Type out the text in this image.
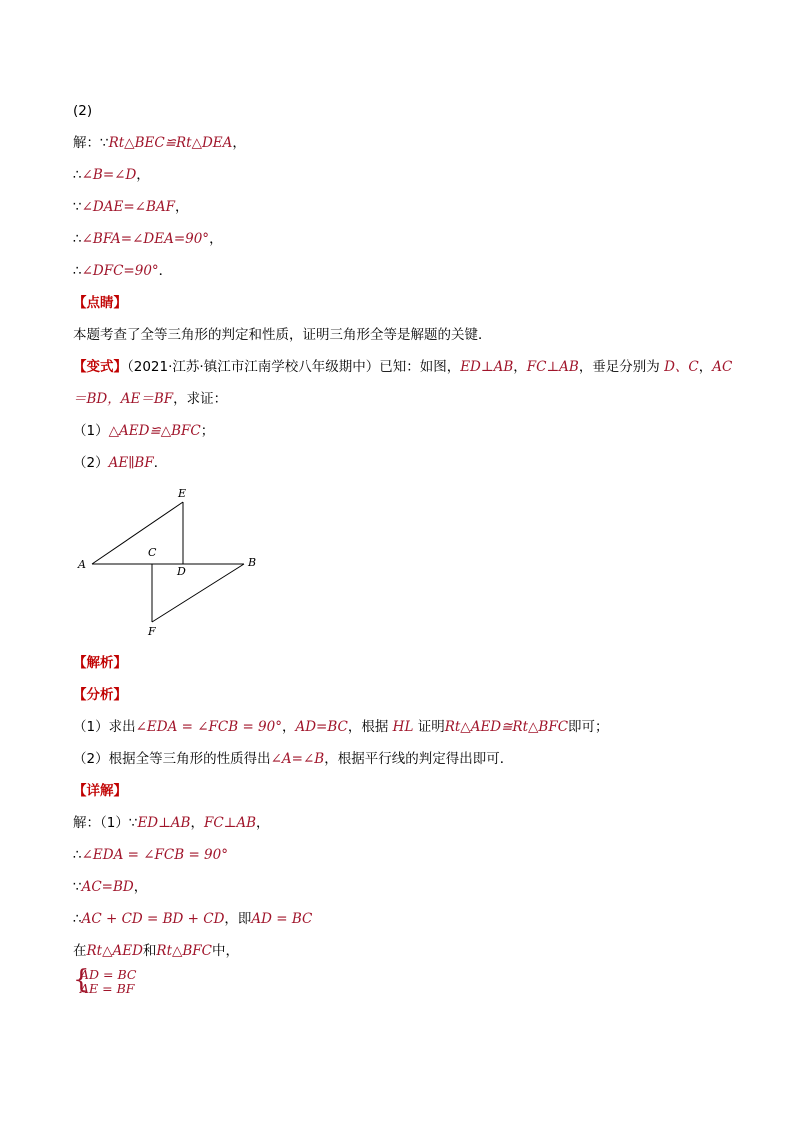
(2)
解：∵Rt△BEC≌Rt△DEA，
∴∠B=∠D，
∵∠DAE=∠BAF，
∴∠BFA=∠DEA=90°，
∴∠DFC=90°．
【点睛】
本题考查了全等三角形的判定和性质，证明三角形全等是解题的关键．
【变式】（2021·江苏·镇江市江南学校八年级期中）已知：如图，ED⊥AB，FC⊥AB，垂足分别为 D、C，AC
＝BD，AE＝BF，求证：
（1）△AED≌△BFC；
（2）AE∥BF．
A	B
C
D
E
F
【解析】
【分析】
（1）求出∠EDA = ∠FCB = 90°，AD=BC，根据 HL 证明Rt△AED≅Rt△BFC即可；
（2）根据全等三角形的性质得出∠A=∠B，根据平行线的判定得出即可．
【详解】
解：（1）∵ED⊥AB，FC⊥AB，
∴∠EDA = ∠FCB = 90°
∵AC=BD，
∴AC + CD = BD + CD，即AD = BC
在Rt△AED和Rt△BFC中，
{
AD = BC
AE = BF
